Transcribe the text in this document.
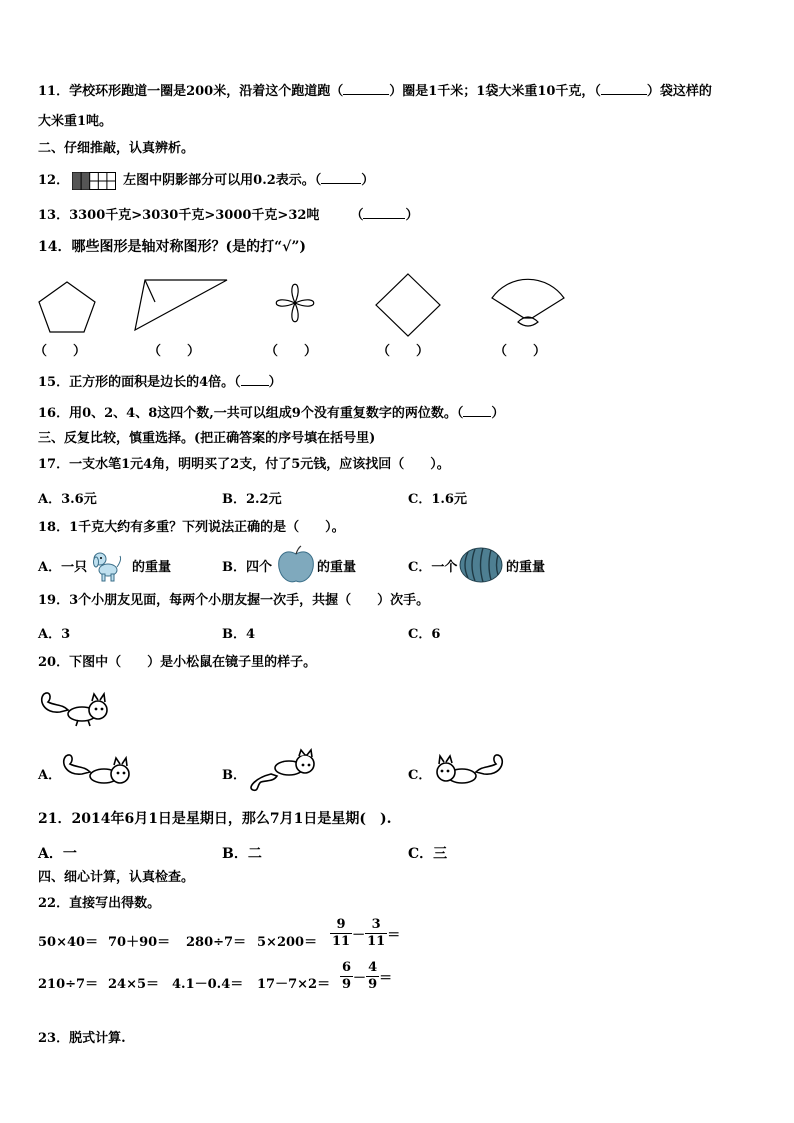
11．学校环形跑道一圈是200米，沿着这个跑道跑（	）圈是1千米；1袋大米重10千克，（	）袋这样的
大米重1吨。
二、仔细推敲，认真辨析。
12．	左图中阴影部分可以用0.2表示。（	）
13．3300千克>3030千克>3000千克>32吨 （	）
14．哪些图形是轴对称图形？(是的打“√”)
（　　）	（　　）	（　　）	（　　）	（　　）
15．正方形的面积是边长的4倍。（ ）
16．用0、2、4、8这四个数,一共可以组成9个没有重复数字的两位数。（ ）
三、反复比较，慎重选择。(把正确答案的序号填在括号里)
17．一支水笔1元4角，明明买了2支，付了5元钱，应该找回（　　）。
A．3.6元	B．2.2元	C．1.6元
18．1千克大约有多重？下列说法正确的是（　　）。
A．一只	的重量	B．四个	的重量	C．一个	的重量
19．3个小朋友见面，每两个小朋友握一次手，共握（　　）次手。
A．3	B．4	C．6
20．下图中（　　）是小松鼠在镜子里的样子。
A．	B．	C．
21．2014年6月1日是星期日，那么7月1日是星期(　).
A．一	B．二	C．三
四、细心计算，认真检查。
22．直接写出得数。
$50\times 40= 70+90= 280\div 7= 5\times 200= \frac{9}{11} - \frac{3}{11}$ ＝
$210\div 7= 24\times 5= 4.1-0.4= 17-7\times 2= \frac{6}{9} - \frac{4}{9}$ ＝
23．脱式计算.
